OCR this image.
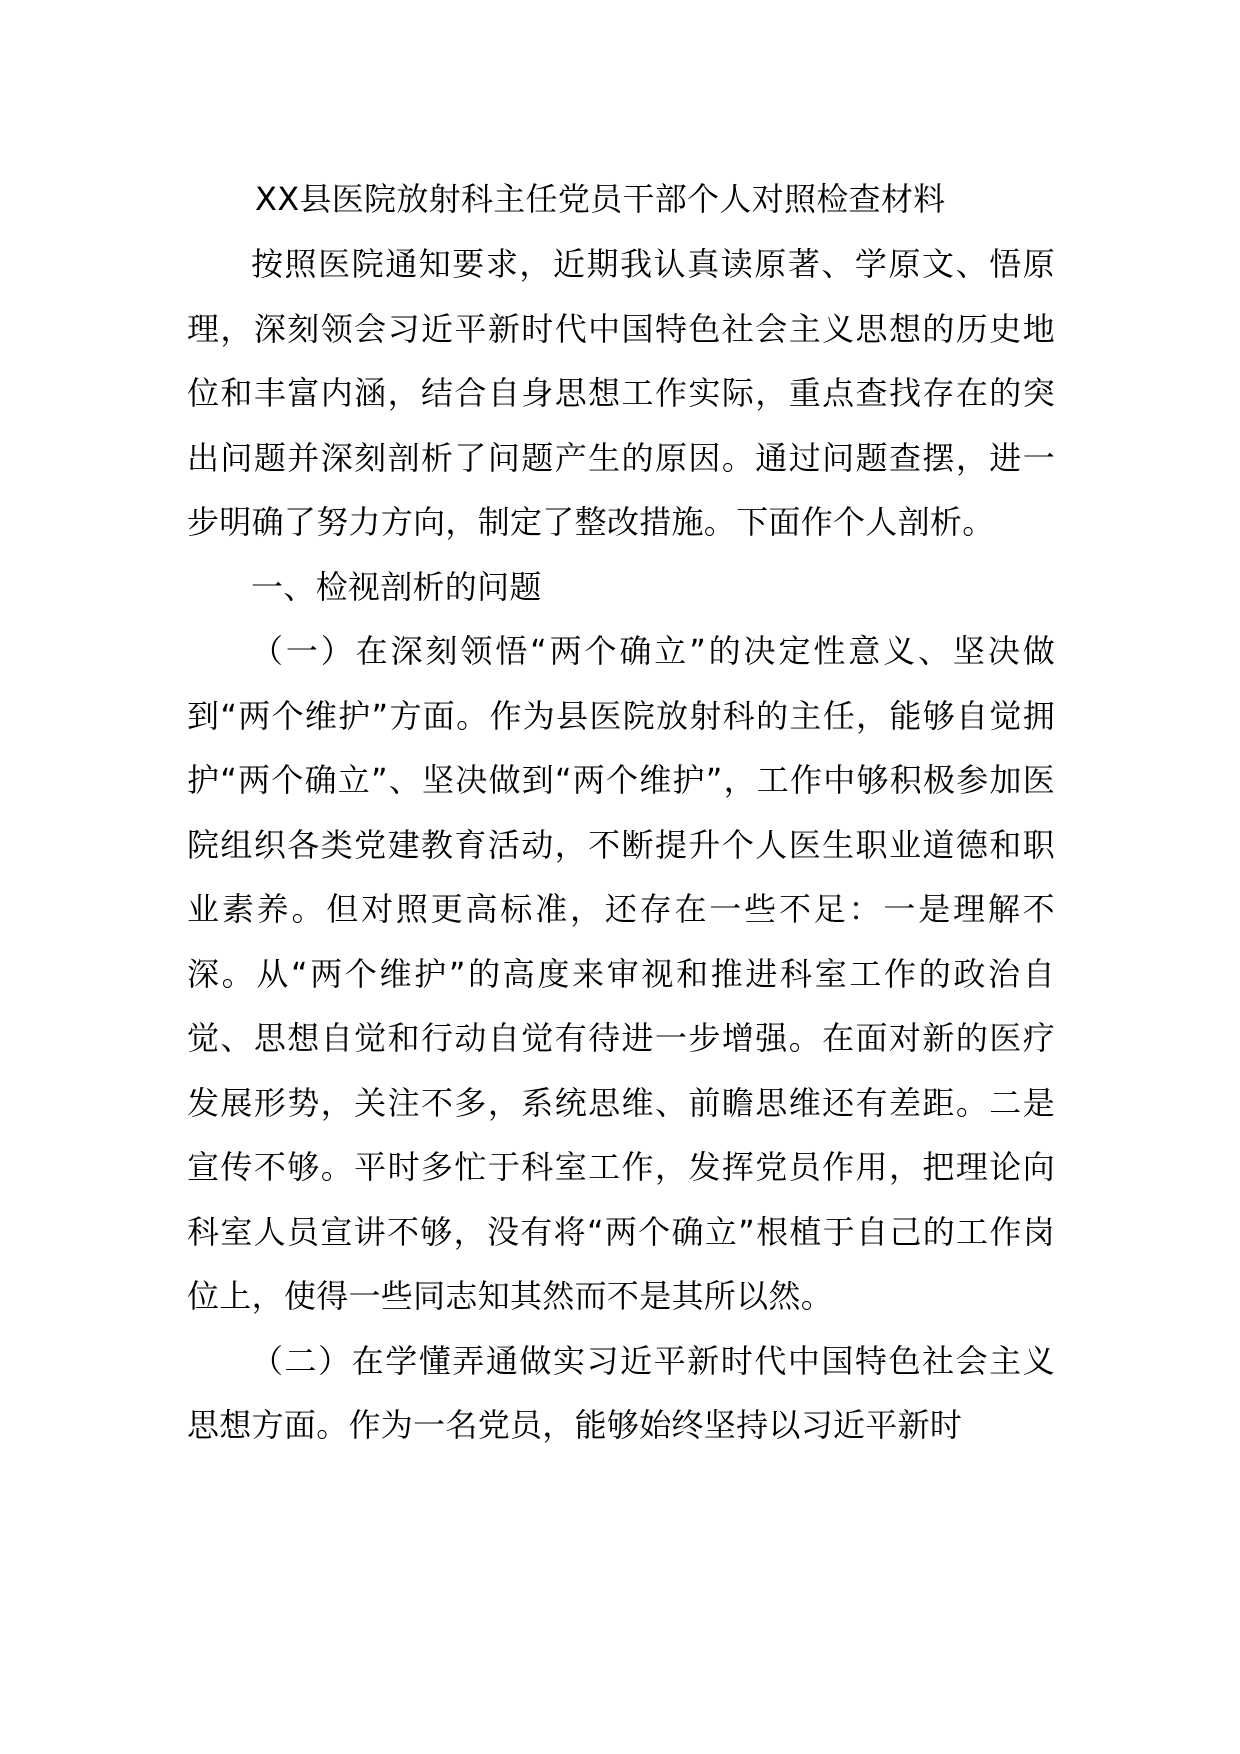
XX县医院放射科主任党员干部个人对照检查材料

按照医院通知要求，近期我认真读原著、学原文、悟原理，深刻领会习近平新时代中国特色社会主义思想的历史地位和丰富内涵，结合自身思想工作实际，重点查找存在的突出问题并深刻剖析了问题产生的原因。通过问题查摆，进一步明确了努力方向，制定了整改措施。下面作个人剖析。

一、检视剖析的问题

（一）在深刻领悟“两个确立”的决定性意义、坚决做到“两个维护”方面。作为县医院放射科的主任，能够自觉拥护“两个确立”、坚决做到“两个维护”，工作中够积极参加医院组织各类党建教育活动，不断提升个人医生职业道德和职业素养。但对照更高标准，还存在一些不足：一是理解不深。从“两个维护”的高度来审视和推进科室工作的政治自觉、思想自觉和行动自觉有待进一步增强。在面对新的医疗发展形势，关注不多，系统思维、前瞻思维还有差距。二是宣传不够。平时多忙于科室工作，发挥党员作用，把理论向科室人员宣讲不够，没有将“两个确立”根植于自己的工作岗位上，使得一些同志知其然而不是其所以然。

（二）在学懂弄通做实习近平新时代中国特色社会主义思想方面。作为一名党员，能够始终坚持以习近平新时
